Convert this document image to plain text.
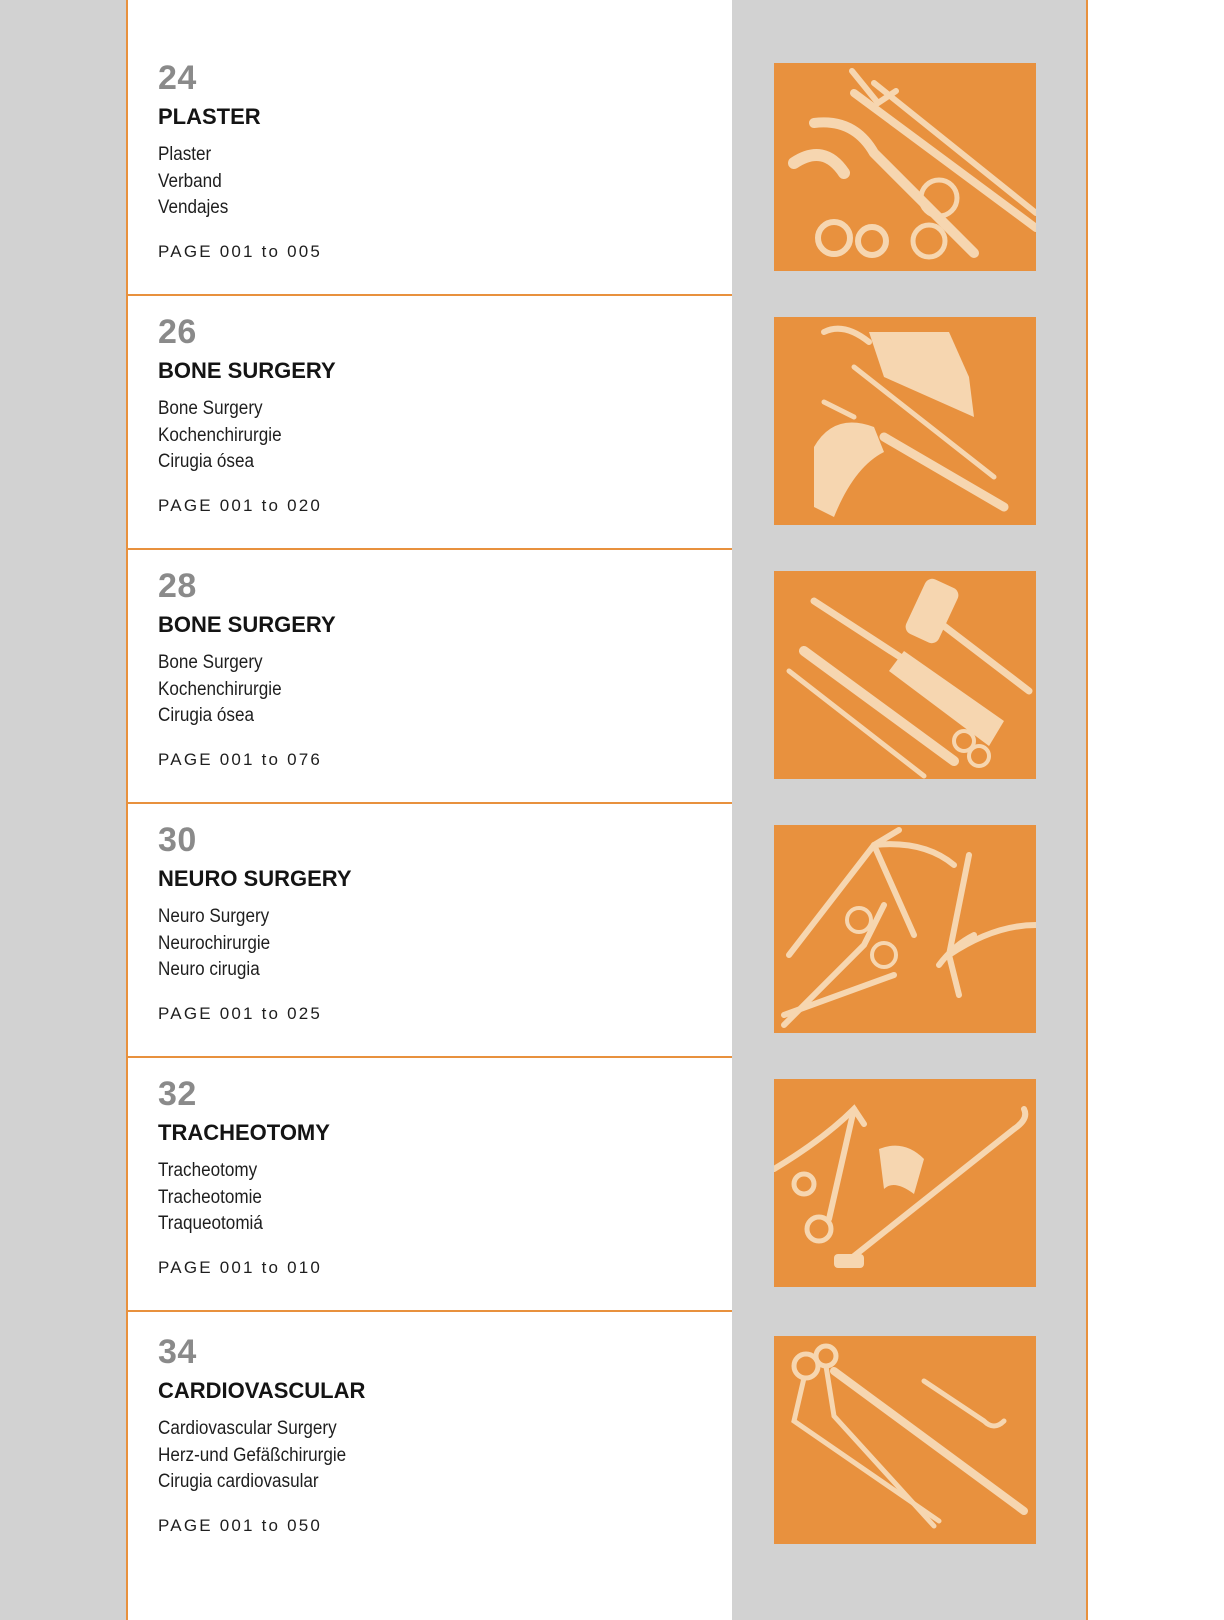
24
PLASTER
Plaster
Verband
Vendajes
PAGE 001 to 005
26
BONE SURGERY
Bone Surgery
Kochenchirurgie
Cirugia ósea
PAGE 001 to 020
28
BONE SURGERY
Bone Surgery
Kochenchirurgie
Cirugia ósea
PAGE 001 to 076
30
NEURO SURGERY
Neuro Surgery
Neurochirurgie
Neuro cirugia
PAGE 001 to 025
32
TRACHEOTOMY
Tracheotomy
Tracheotomie
Traqueotomiá
PAGE 001 to 010
34
CARDIOVASCULAR
Cardiovascular Surgery
Herz-und Gefäßchirurgie
Cirugia cardiovasular
PAGE 001 to 050
